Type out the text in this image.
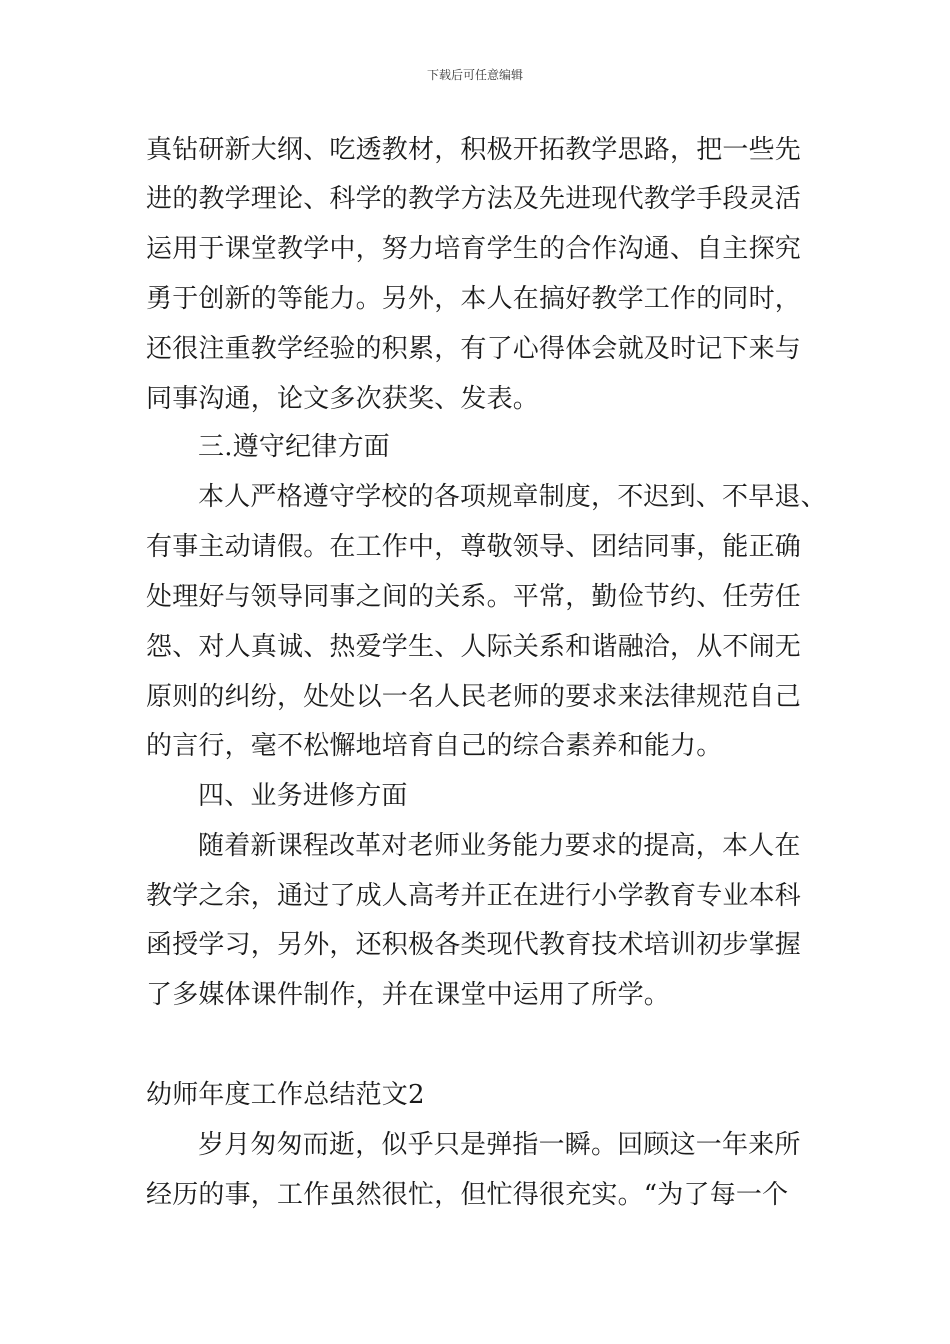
下载后可任意编辑
真钻研新大纲、吃透教材，积极开拓教学思路，把一些先
进的教学理论、科学的教学方法及先进现代教学手段灵活
运用于课堂教学中，努力培育学生的合作沟通、自主探究
勇于创新的等能力。另外，本人在搞好教学工作的同时，
还很注重教学经验的积累，有了心得体会就及时记下来与
同事沟通，论文多次获奖、发表。
三.遵守纪律方面
本人严格遵守学校的各项规章制度，不迟到、不早退、
有事主动请假。在工作中，尊敬领导、团结同事，能正确
处理好与领导同事之间的关系。平常，勤俭节约、任劳任
怨、对人真诚、热爱学生、人际关系和谐融洽，从不闹无
原则的纠纷，处处以一名人民老师的要求来法律规范自己
的言行，毫不松懈地培育自己的综合素养和能力。
四、业务进修方面
随着新课程改革对老师业务能力要求的提高，本人在
教学之余，通过了成人高考并正在进行小学教育专业本科
函授学习，另外，还积极各类现代教育技术培训初步掌握
了多媒体课件制作，并在课堂中运用了所学。
幼师年度工作总结范文2
岁月匆匆而逝，似乎只是弹指一瞬。回顾这一年来所
经历的事，工作虽然很忙，但忙得很充实。“为了每一个
